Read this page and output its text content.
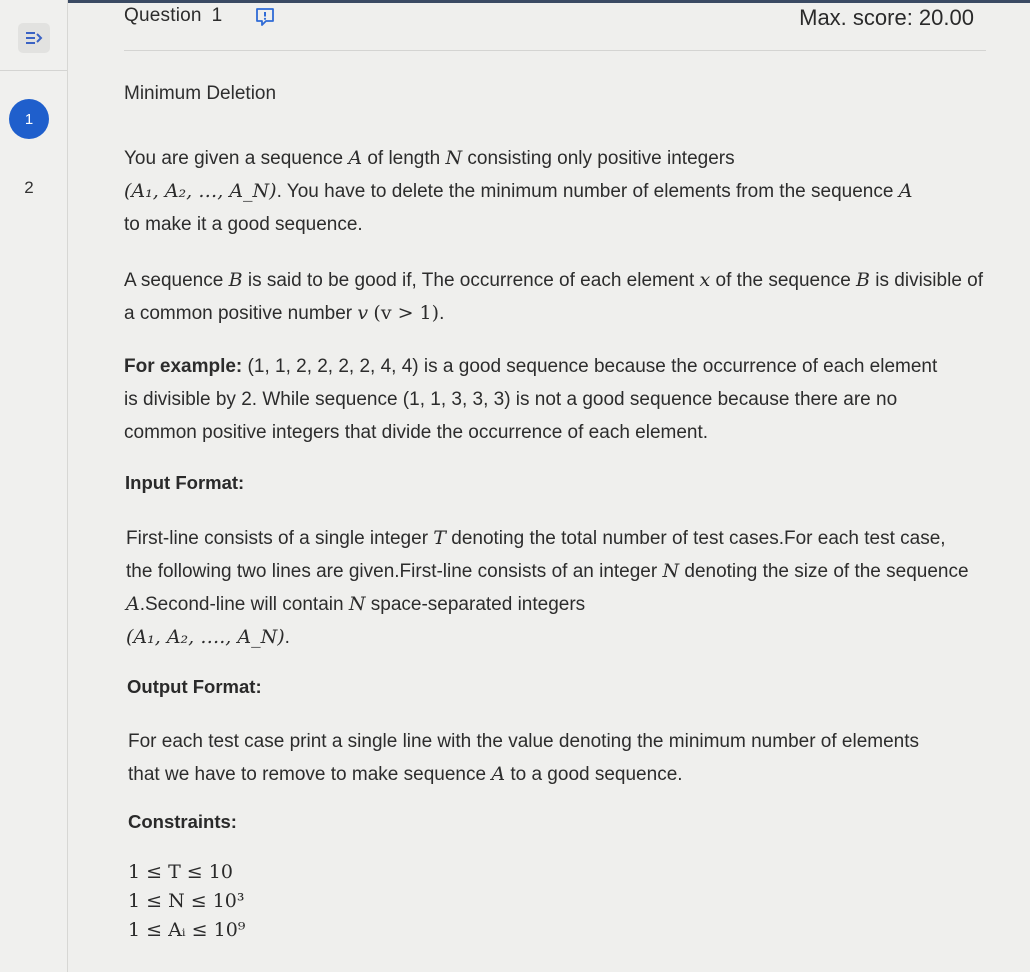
1
2
Question 1	Max. score: 20.00
Minimum Deletion
You are given a sequence A of length N consisting only positive integers
(A₁, A₂, …, A_N). You have to delete the minimum number of elements from the sequence A to make it a good sequence.
A sequence B is said to be good if, The occurrence of each element x of the sequence B is divisible of a common positive number v (v > 1).
For example: (1, 1, 2, 2, 2, 2, 4, 4) is a good sequence because the occurrence of each element is divisible by 2. While sequence (1, 1, 3, 3, 3) is not a good sequence because there are no common positive integers that divide the occurrence of each element.
Input Format:
First-line consists of a single integer T denoting the total number of test cases.For each test case, the following two lines are given.First-line consists of an integer N denoting the size of the sequence A.Second-line will contain N space-separated integers
(A₁, A₂, …., A_N).
Output Format:
For each test case print a single line with the value denoting the minimum number of elements that we have to remove to make sequence A to a good sequence.
Constraints:
1 ≤ T ≤ 10
1 ≤ N ≤ 10³
1 ≤ Aᵢ ≤ 10⁹
